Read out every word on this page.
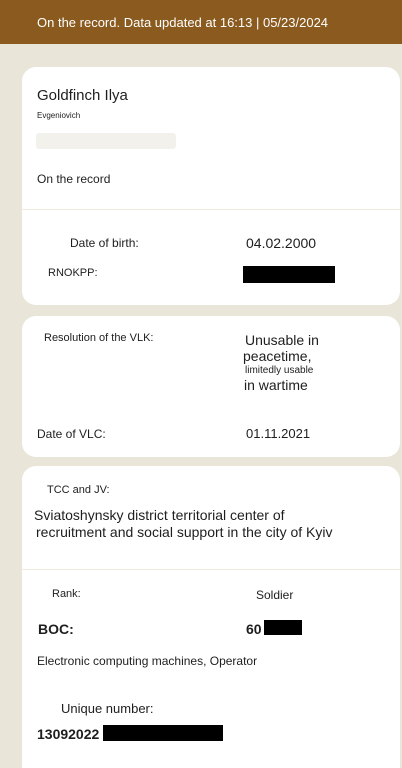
On the record. Data updated at 16:13 | 05/23/2024
Goldfinch Ilya
Evgeniovich
On the record
Date of birth:	04.02.2000
RNOKPP:
Resolution of the VLK:	Unusable in
peacetime,
limitedly usable
in wartime
Date of VLC:	01.11.2021
TCC and JV:
Sviatoshynsky district territorial center of
recruitment and social support in the city of Kyiv
Rank:	Soldier
BOC:	60
Electronic computing machines, Operator
Unique number:
13092022
